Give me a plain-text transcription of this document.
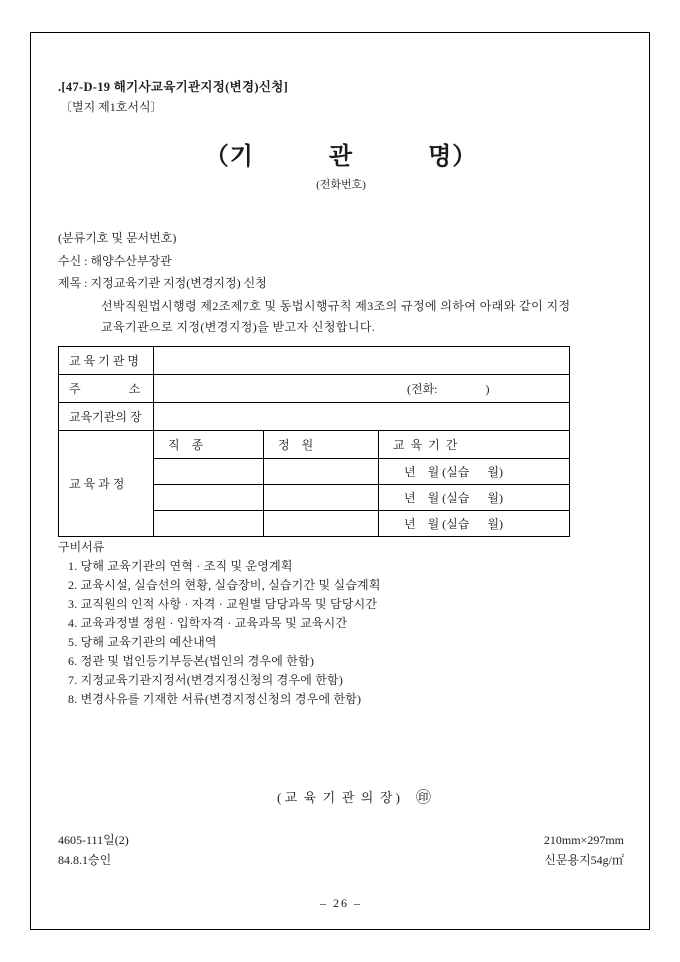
.[47-D-19 해기사교육기관지정(변경)신청]
〔별지 제1호서식〕
（기　　　관　　　명）
(전화번호)
(분류기호 및 문서번호)
수신 : 해양수산부장관
제목 : 지정교육기관 지정(변경지정) 신청
선박직원법시행령 제2조제7호 및 동법시행규칙 제3조의 규정에 의하여 아래와 같이 지정
교육기관으로 지정(변경지정)을 받고자 신청합니다.
교 육 기 관 명			
주　　　　소	(전화:                )		
교육기관의 장			
교 육 과 정	직    종	정    원	교  육  기  간
			년    월 (실습      월)
			년    월 (실습      월)
			년    월 (실습      월)
구비서류
1. 당해 교육기관의 연혁 · 조직 및 운영계획
2. 교육시설, 실습선의 현황, 실습장비, 실습기간 및 실습계획
3. 교직원의 인적 사항 · 자격 · 교원별 담당과목 및 담당시간
4. 교육과정별 정원 · 입학자격 · 교육과목 및 교육시간
5. 당해 교육기관의 예산내역
6. 정관 및 법인등기부등본(법인의 경우에 한함)
7. 지정교육기관지정서(변경지정신청의 경우에 한함)
8. 변경사유를 기재한 서류(변경지정신청의 경우에 한함)

( 교  육  기  관  의  장 ) ㊞

4605-111일(2)
84.8.1승인
210mm×297mm
신문용지54g/㎡
– 26 –
